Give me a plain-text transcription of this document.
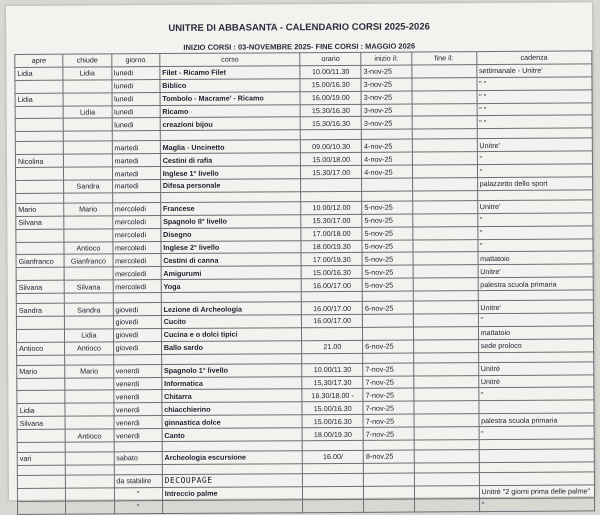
UNITRE DI ABBASANTA - CALENDARIO CORSI 2025-2026
INIZIO CORSI : 03-NOVEMBRE 2025- FINE CORSI : MAGGIO 2026
apre	chiude	giorno	corso	orario	inizio il:	fine il:	cadenza
Lidia	Lidia	lunedi	Filet - Ricamo Filet	10.00/11.30	3-nov-25		settimanale - Unitre'
		lunedi	Biblico	15.00/16.30	3-nov-25		" "
Lidia		lunedi	Tombolo - Macrame' - Ricamo	16.00/19.00	3-nov-25		" "
	Lidia	lunedi	Ricamo	15.30/16.30	3-nov-25		" "
		lunedi	creazioni bijou	15.30/16.30	3-nov-25		" "

		martedi	Maglia - Uncinetto	09.00/10.30	4-nov-25		Unitre'
Nicolina		martedi	Cestini di rafia	15.00/18.00	4-nov-25		"
		martedi	Inglese 1° livello	15.30/17.00	4-nov-25		"
	Sandra	martedi	Difesa personale				palazzetto dello sport

Mario	Mario	mercoledi	Francese	10.00/12.00	5-nov-25		Unitre'
Silvana		mercoledi	Spagnolo II° livello	15.30/17.00	5-nov-25		"
		mercoledi	Disegno	17.00/18.00	5-nov-25		"
	Antioco	mercoledi	Inglese 2° livello	18.00/19.30	5-nov-25		"
Gianfranco	Gianfranco	mercoledi	Cestini di canna	17.00/19.30	5-nov-25		mattatoio
		mercoledi	Amigurumi	15.00/16.30	5-nov-25		Unitre'
Silvana	Silvana	mercoledi	Yoga	16.00/17.00	5-nov-25		palestra scuola primaria

Sandra	Sandra	giovedi	Lezione di Archeologia	16.00/17.00	6-nov-25		Unitre'
		giovedi	Cucito	16.00/17.00			"
	Lidia	giovedi	Cucina e o dolci tipici				mattatoio
Antioco	Antioco	giovedi	Ballo sardo	21.00	6-nov-25		sede proloco

Mario	Mario	venerdi	Spagnolo 1° livello	10.00/11.30	7-nov-25		Unitrè
		venerdi	Informatica	15,30/17.30	7-nov-25		Unitrè
		venerdi	Chitarra	16.30/18.00 -	7-nov-25		"
Lidia		venerdi	chiacchierino	15.00/16.30	7-nov-25		
Silvana		venerdi	ginnastica dolce	15.00/16.30	7-nov-25		palestra scuola primaria
	Antioco	venerdi	Canto	18.00/19.30	7-nov-25		"

vari		sabato	Archeologia escursione	16.00/	8-nov.25		

		da stabilire	DECOUPAGE				
		"	Intreccio palme				Unitrè "2 giorni prima delle palme"
		"					"
